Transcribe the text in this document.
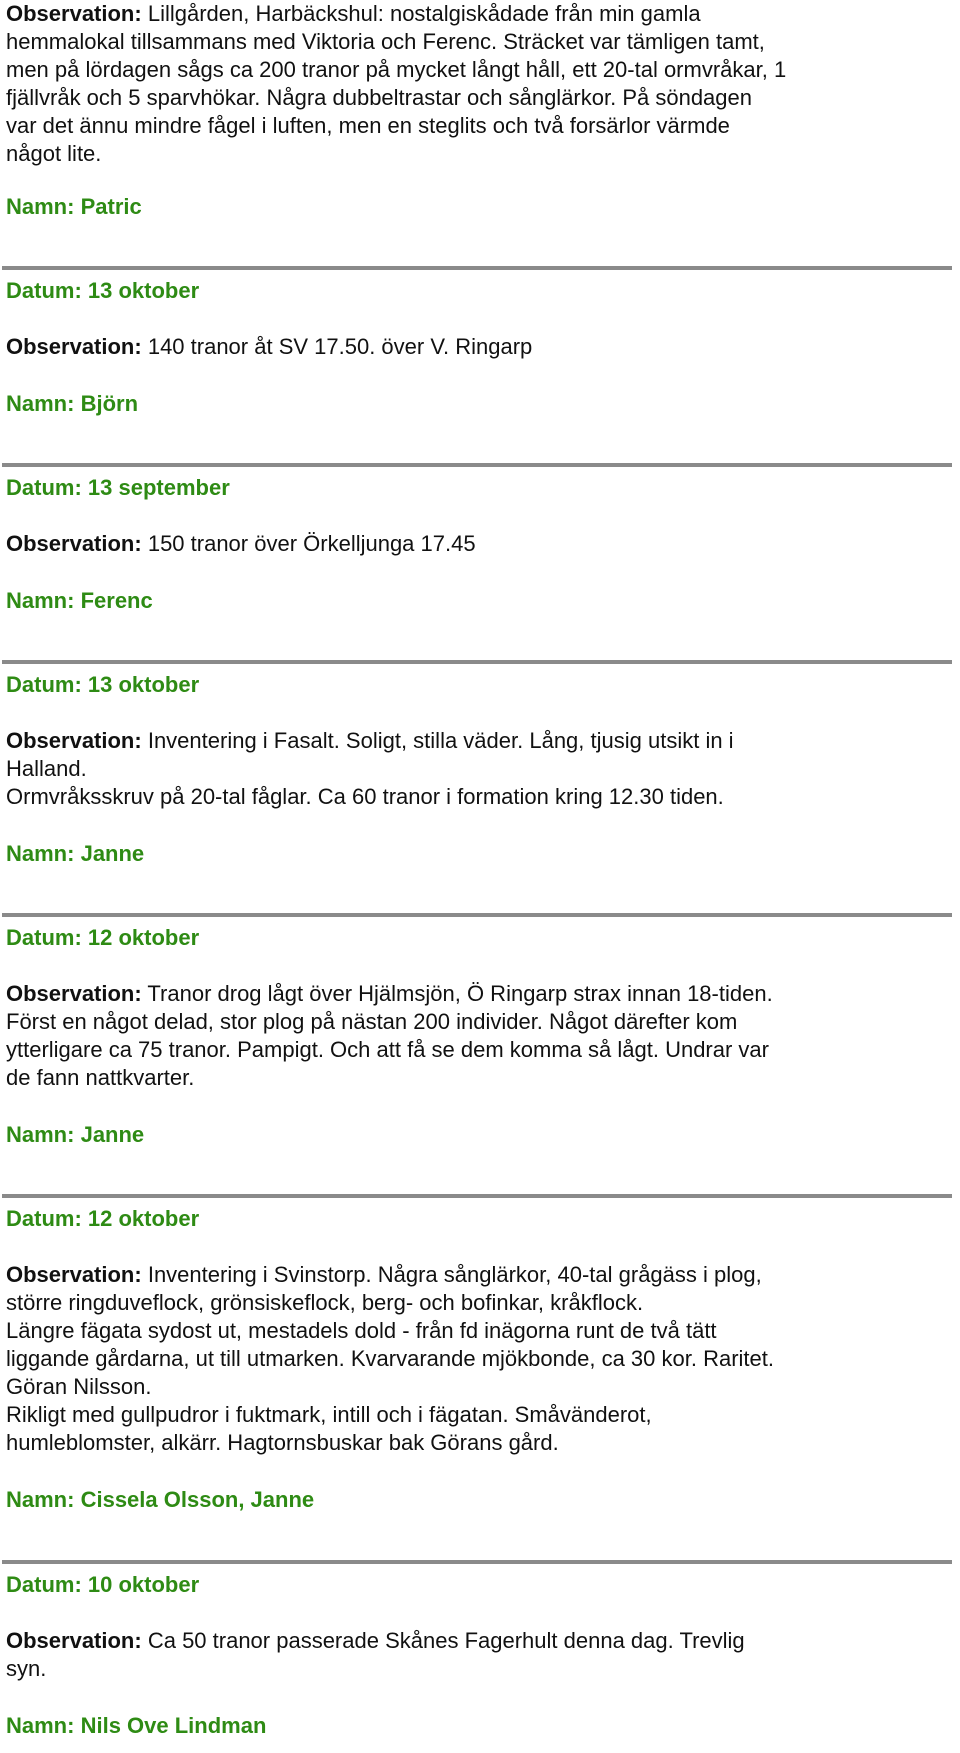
Observation: Lillgården, Harbäckshul: nostalgiskådade från min gamla
hemmalokal tillsammans med Viktoria och Ferenc. Sträcket var tämligen tamt,
men på lördagen sågs ca 200 tranor på mycket långt håll, ett 20-tal ormvråkar, 1
fjällvråk och 5 sparvhökar. Några dubbeltrastar och sånglärkor. På söndagen
var det ännu mindre fågel i luften, men en steglits och två forsärlor värmde
något lite.

Namn: Patric

Datum: 13 oktober

Observation: 140 tranor åt SV 17.50. över V. Ringarp

Namn: Björn

Datum: 13 september

Observation: 150 tranor över Örkelljunga 17.45

Namn: Ferenc

Datum: 13 oktober

Observation: Inventering i Fasalt. Soligt, stilla väder. Lång, tjusig utsikt in i
Halland.
Ormvråksskruv på 20-tal fåglar. Ca 60 tranor i formation kring 12.30 tiden.

Namn: Janne

Datum: 12 oktober

Observation: Tranor drog lågt över Hjälmsjön, Ö Ringarp strax innan 18-tiden.
Först en något delad, stor plog på nästan 200 individer. Något därefter kom
ytterligare ca 75 tranor. Pampigt. Och att få se dem komma så lågt. Undrar var
de fann nattkvarter.

Namn: Janne

Datum: 12 oktober

Observation: Inventering i Svinstorp. Några sånglärkor, 40-tal grågäss i plog,
större ringduveflock, grönsiskeflock, berg- och bofinkar, kråkflock.
Längre fägata sydost ut, mestadels dold - från fd inägorna runt de två tätt
liggande gårdarna, ut till utmarken. Kvarvarande mjökbonde, ca 30 kor. Raritet.
Göran Nilsson.
Rikligt med gullpudror i fuktmark, intill och i fägatan. Småvänderot,
humleblomster, alkärr. Hagtornsbuskar bak Görans gård.

Namn: Cissela Olsson, Janne

Datum: 10 oktober

Observation: Ca 50 tranor passerade Skånes Fagerhult denna dag. Trevlig
syn.

Namn: Nils Ove Lindman
